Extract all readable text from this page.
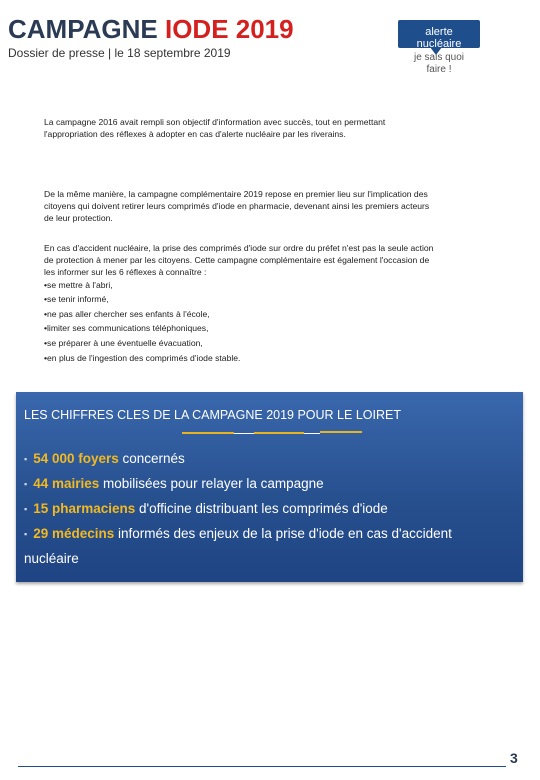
CAMPAGNE IODE 2019
Dossier de presse | le 18 septembre 2019
alerte
nucléaire
je sais quoi
faire !
La campagne 2016 avait rempli son objectif d'information avec succès, tout en permettant
l'appropriation des réflexes à adopter en cas d'alerte nucléaire par les riverains.
De la même manière, la campagne complémentaire 2019 repose en premier lieu sur l'implication des
citoyens qui doivent retirer leurs comprimés d'iode en pharmacie, devenant ainsi les premiers acteurs
de leur protection.
En cas d'accident nucléaire, la prise des comprimés d'iode sur ordre du préfet n'est pas la seule action
de protection à mener par les citoyens. Cette campagne complémentaire est également l'occasion de
les informer sur les 6 réflexes à connaître :
•se mettre à l'abri,
•se tenir informé,
•ne pas aller chercher ses enfants à l'école,
•limiter ses communications téléphoniques,
•se préparer à une éventuelle évacuation,
•en plus de l'ingestion des comprimés d'iode stable.
LES CHIFFRES CLES DE LA CAMPAGNE 2019 POUR LE LOIRET
▪ 54 000 foyers concernés
▪ 44 mairies mobilisées pour relayer la campagne
▪ 15 pharmaciens d'officine distribuant les comprimés d'iode
▪ 29 médecins informés des enjeux de la prise d'iode en cas d'accident
nucléaire
3
